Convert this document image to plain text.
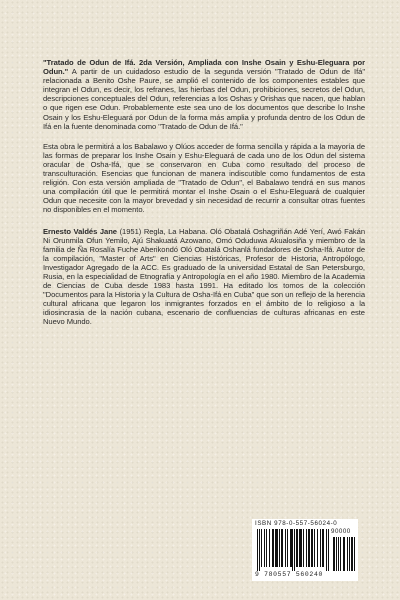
"Tratado de Odun de Ifá. 2da Versión, Ampliada con Inshe Osain y Eshu-Eleguara por Odun." A partir de un cuidadoso estudio de la segunda versión "Tratado de Odun de Ifá" relacionada a Benito Oshe Paure, se amplió el contenido de los componentes estables que integran el Odun, es decir, los refranes, las hierbas del Odun, prohibiciones, secretos del Odun, descripciones conceptuales del Odun, referencias a los Oshas y Orishas que nacen, que hablan o que rigen ese Odun. Probablemente este sea uno de los documentos que describe lo Inshe Osain y los Eshu-Eleguará por Odun de la forma más amplia y profunda dentro de los Odun de Ifá en la fuente denominada como "Tratado de Odun de Ifá."

Esta obra le permitirá a los Babalawo y Olúos acceder de forma sencilla y rápida a la mayoría de las formas de preparar los Inshe Osain y Eshu-Eleguará de cada uno de los Odun del sistema oracular de Osha-Ifá, que se conservaron en Cuba como resultado del proceso de transculturación. Esencias que funcionan de manera indiscutible como fundamentos de esta religión. Con esta versión ampliada de "Tratado de Odun", el Babalawo tendrá en sus manos una compilación útil que le permitirá montar el Inshe Osain o el Eshu-Eleguará de cualquier Odun que necesite con la mayor brevedad y sin necesidad de recurrir a consultar otras fuentes no disponibles en el momento.

Ernesto Valdés Jane (1951) Regla, La Habana. Oló Obatalá Oshagriñán Adé Yerí, Awó Fakán Ni Orunmila Ofun Yemilo, Ajú Shakuatá Azowano, Omó Oduduwa Akualosiña y miembro de la familia de Ña Rosalía Fuche Aberikondó Oló Obatalá Oshanlá fundadores de Osha-Ifá. Autor de la compilación, "Master of Arts" en Ciencias Históricas, Profesor de Historia, Antropólogo, Investigador Agregado de la ACC. Es graduado de la universidad Estatal de San Petersburgo, Rusia, en la especialidad de Etnografía y Antropología en el año 1980. Miembro de la Academia de Ciencias de Cuba desde 1983 hasta 1991. Ha editado los tomos de la colección "Documentos para la Historia y la Cultura de Osha-Ifá en Cuba" que son un reflejo de la herencia cultural africana que legaron los inmigrantes forzados en el ámbito de lo religioso a la idiosincrasia de la nación cubana, escenario de confluencias de culturas africanas en este Nuevo Mundo.

ISBN 978-0-557-56024-0
90000
9 780557 560240
